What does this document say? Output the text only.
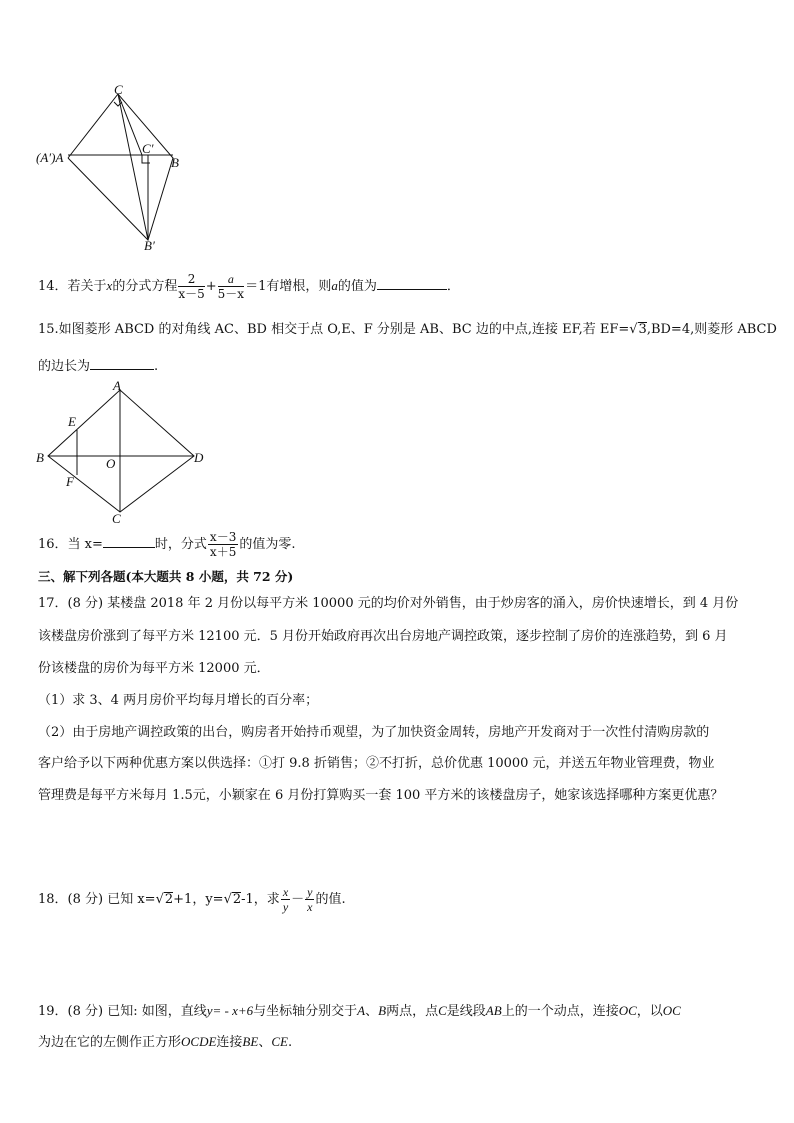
C
(A′)A
C′
B
B′
14．若关于x的分式方程 $\frac{2}{x-5} + \frac{a}{5-x} =1$有增根，则a的值为	．
15.如图菱形 ABCD 的对角线 AC、BD 相交于点 O,E、F 分别是 AB、BC 边的中点,连接 EF,若 EF=√3,BD=4,则菱形 ABCD
的边长为	.
A
B
C
D
E
F
O
16．当 x=	时，分式 $\frac{x-3}{x+5}$ 的值为零.
三、解下列各题(本大题共 8 小题，共 72 分)
17．(8 分) 某楼盘 2018 年 2 月份以每平方米 10000 元的均价对外销售，由于炒房客的涌入，房价快速增长，到 4 月份
该楼盘房价涨到了每平方米 12100 元．5 月份开始政府再次出台房地产调控政策，逐步控制了房价的连涨趋势，到 6 月
份该楼盘的房价为每平方米 12000 元．
（1）求 3、4 两月房价平均每月增长的百分率；
（2）由于房地产调控政策的出台，购房者开始持币观望，为了加快资金周转，房地产开发商对于一次性付清购房款的
客户给予以下两种优惠方案以供选择：①打 9.8 折销售；②不打折，总价优惠 10000 元，并送五年物业管理费，物业
管理费是每平方米每月 1.5元，小颖家在 6 月份打算购买一套 100 平方米的该楼盘房子，她家该选择哪种方案更优惠？
18．(8 分) 已知 x=√2+1，y=√2-1，求 $\frac{x}{y} - \frac{y}{x}$ 的值.
19．(8 分) 已知: 如图，直线y= - x+6与坐标轴分别交于A、B两点，点C是线段AB上的一个动点，连接OC，以OC
为边在它的左侧作正方形OCDE连接BE、CE.
